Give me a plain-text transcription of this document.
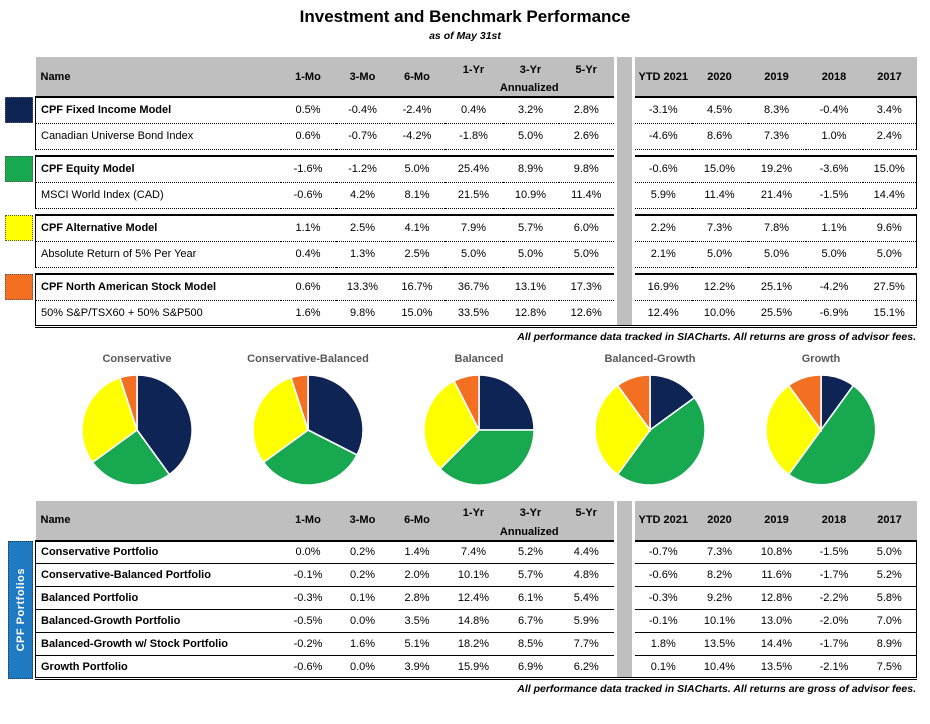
Investment and Benchmark Performance
as of May 31st
Name	1-Mo	3-Mo	6-Mo	1-Yr	3-Yr	5-Yr		YTD 2021	2020	2019	2018	2017
				Annualized								
CPF Fixed Income Model	0.5%	-0.4%	-2.4%	0.4%	3.2%	2.8%		-3.1%	4.5%	8.3%	-0.4%	3.4%
Canadian Universe Bond Index	0.6%	-0.7%	-4.2%	-1.8%	5.0%	2.6%		-4.6%	8.6%	7.3%	1.0%	2.4%

CPF Equity Model	-1.6%	-1.2%	5.0%	25.4%	8.9%	9.8%		-0.6%	15.0%	19.2%	-3.6%	15.0%
MSCI World Index (CAD)	-0.6%	4.2%	8.1%	21.5%	10.9%	11.4%		5.9%	11.4%	21.4%	-1.5%	14.4%

CPF Alternative Model	1.1%	2.5%	4.1%	7.9%	5.7%	6.0%		2.2%	7.3%	7.8%	1.1%	9.6%
Absolute Return of 5% Per Year	0.4%	1.3%	2.5%	5.0%	5.0%	5.0%		2.1%	5.0%	5.0%	5.0%	5.0%

CPF North American Stock Model	0.6%	13.3%	16.7%	36.7%	13.1%	17.3%		16.9%	12.2%	25.1%	-4.2%	27.5%
50% S&P/TSX60 + 50% S&P500	1.6%	9.8%	15.0%	33.5%	12.8%	12.6%		12.4%	10.0%	25.5%	-6.9%	15.1%
All performance data tracked in SIACharts. All returns are gross of advisor fees.
Conservative	Conservative-Balanced	Balanced	Balanced-Growth	Growth
CPF Portfolios
Name	1-Mo	3-Mo	6-Mo	1-Yr	3-Yr	5-Yr		YTD 2021	2020	2019	2018	2017
				Annualized								
Conservative Portfolio	0.0%	0.2%	1.4%	7.4%	5.2%	4.4%		-0.7%	7.3%	10.8%	-1.5%	5.0%
Conservative-Balanced Portfolio	-0.1%	0.2%	2.0%	10.1%	5.7%	4.8%		-0.6%	8.2%	11.6%	-1.7%	5.2%
Balanced Portfolio	-0.3%	0.1%	2.8%	12.4%	6.1%	5.4%		-0.3%	9.2%	12.8%	-2.2%	5.8%
Balanced-Growth Portfolio	-0.5%	0.0%	3.5%	14.8%	6.7%	5.9%		-0.1%	10.1%	13.0%	-2.0%	7.0%
Balanced-Growth w/ Stock Portfolio	-0.2%	1.6%	5.1%	18.2%	8.5%	7.7%		1.8%	13.5%	14.4%	-1.7%	8.9%
Growth Portfolio	-0.6%	0.0%	3.9%	15.9%	6.9%	6.2%		0.1%	10.4%	13.5%	-2.1%	7.5%
All performance data tracked in SIACharts. All returns are gross of advisor fees.
